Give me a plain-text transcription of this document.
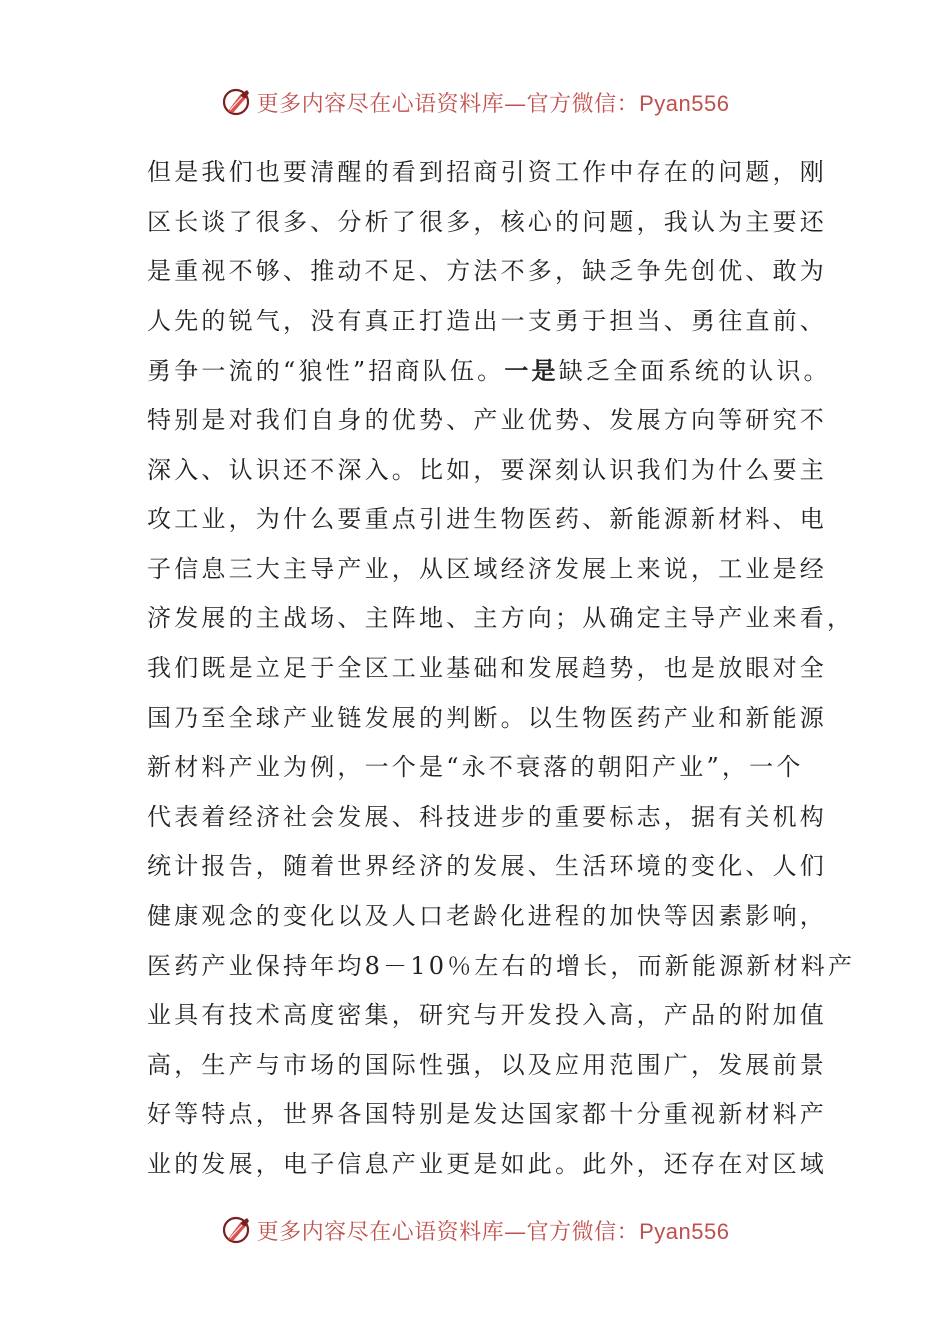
更多内容尽在心语资料库—官方微信：Pyan556
但是我们也要清醒的看到招商引资工作中存在的问题，刚
区长谈了很多、分析了很多，核心的问题，我认为主要还
是重视不够、推动不足、方法不多，缺乏争先创优、敢为
人先的锐气，没有真正打造出一支勇于担当、勇往直前、
勇争一流的“狼性”招商队伍。一是缺乏全面系统的认识。
特别是对我们自身的优势、产业优势、发展方向等研究不
深入、认识还不深入。比如，要深刻认识我们为什么要主
攻工业，为什么要重点引进生物医药、新能源新材料、电
子信息三大主导产业，从区域经济发展上来说，工业是经
济发展的主战场、主阵地、主方向；从确定主导产业来看，
我们既是立足于全区工业基础和发展趋势，也是放眼对全
国乃至全球产业链发展的判断。以生物医药产业和新能源
新材料产业为例，一个是“永不衰落的朝阳产业”，一个
代表着经济社会发展、科技进步的重要标志，据有关机构
统计报告，随着世界经济的发展、生活环境的变化、人们
健康观念的变化以及人口老龄化进程的加快等因素影响，
医药产业保持年均8－10％左右的增长，而新能源新材料产
业具有技术高度密集，研究与开发投入高，产品的附加值
高，生产与市场的国际性强，以及应用范围广，发展前景
好等特点，世界各国特别是发达国家都十分重视新材料产
业的发展，电子信息产业更是如此。此外，还存在对区域
更多内容尽在心语资料库—官方微信：Pyan556
